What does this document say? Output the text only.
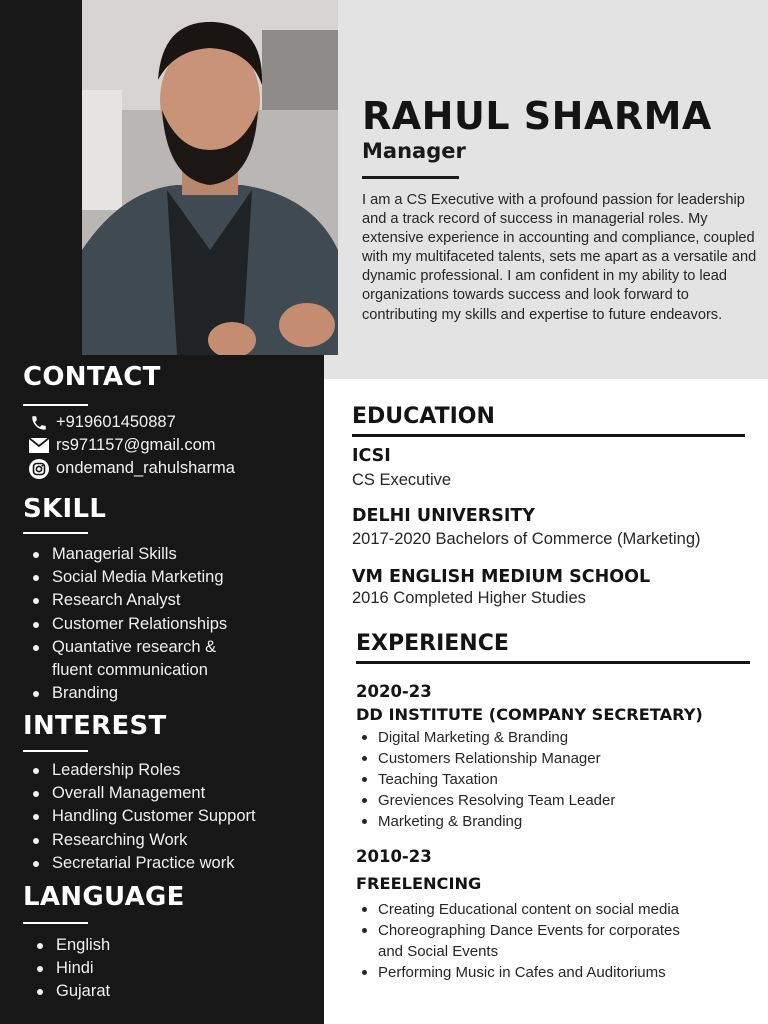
RAHUL SHARMA
Manager

I am a CS Executive with a profound passion for leadership and a track record of success in managerial roles. My extensive experience in accounting and compliance, coupled with my multifaceted talents, sets me apart as a versatile and dynamic professional. I am confident in my ability to lead organizations towards success and look forward to contributing my skills and expertise to future endeavors.

CONTACT
+919601450887
rs971157@gmail.com
ondemand_rahulsharma
SKILL
Managerial Skills
Social Media Marketing
Research Analyst
Customer Relationships
Quantative research &
fluent communication
Branding
INTEREST
Leadership Roles
Overall Management
Handling Customer Support
Researching Work
Secretarial Practice work
LANGUAGE
English
Hindi
Gujarat
EDUCATION
ICSI
CS Executive
DELHI UNIVERSITY
2017-2020 Bachelors of Commerce (Marketing)
VM ENGLISH MEDIUM SCHOOL
2016 Completed Higher Studies
EXPERIENCE
2020-23
DD INSTITUTE (COMPANY SECRETARY)
Digital Marketing & Branding
Customers Relationship Manager
Teaching Taxation
Greviences Resolving Team Leader
Marketing & Branding
2010-23
FREELENCING
Creating Educational content on social media
Choreographing Dance Events for corporates
and Social Events
Performing Music in Cafes and Auditoriums
